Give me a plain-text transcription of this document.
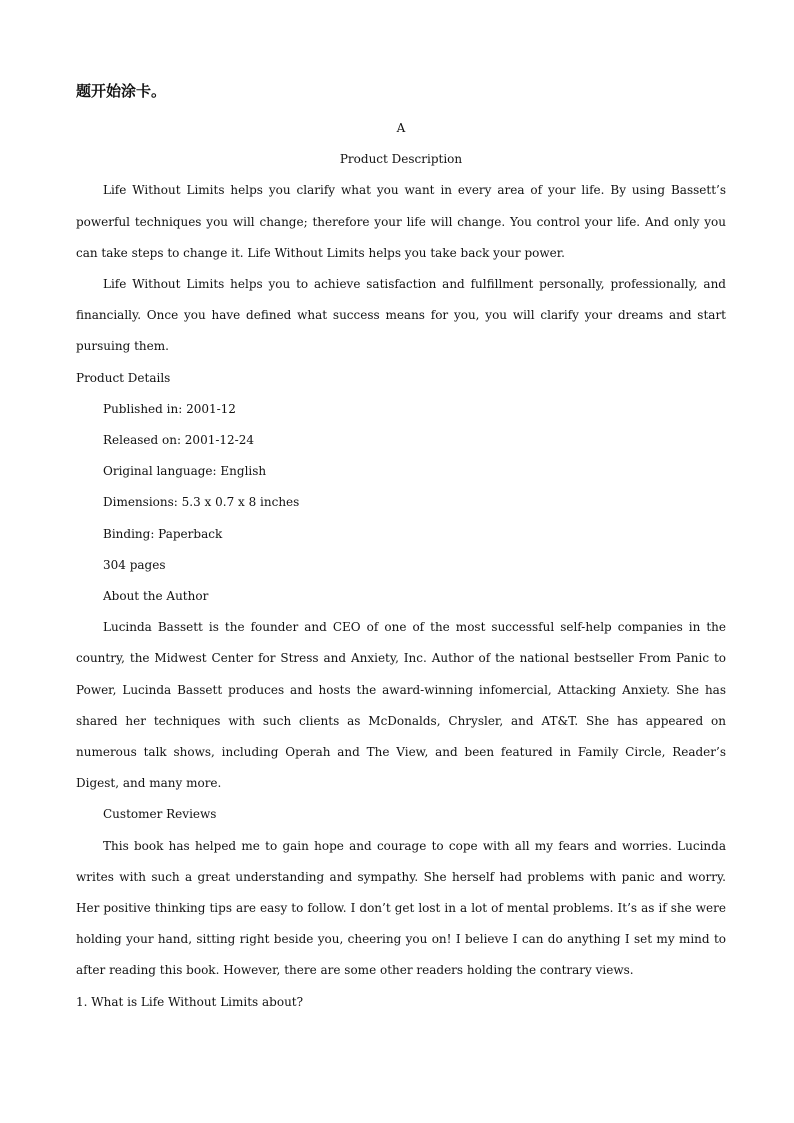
题开始涂卡。

A

Product Description

Life Without Limits helps you clarify what you want in every area of your life. By using Bassett’s powerful techniques you will change; therefore your life will change. You control your life. And only you can take steps to change it. Life Without Limits helps you take back your power.

Life Without Limits helps you to achieve satisfaction and fulfillment personally, professionally, and financially. Once you have defined what success means for you, you will clarify your dreams and start pursuing them.

Product Details

Published in: 2001-12

Released on: 2001-12-24

Original language: English

Dimensions: 5.3 x 0.7 x 8 inches

Binding: Paperback

304 pages

About the Author

Lucinda Bassett is the founder and CEO of one of the most successful self-help companies in the country, the Midwest Center for Stress and Anxiety, Inc. Author of the national bestseller From Panic to Power, Lucinda Bassett produces and hosts the award-winning infomercial, Attacking Anxiety. She has shared her techniques with such clients as McDonalds, Chrysler, and AT&T. She has appeared on numerous talk shows, including Operah and The View, and been featured in Family Circle, Reader’s Digest, and many more.

Customer Reviews

This book has helped me to gain hope and courage to cope with all my fears and worries. Lucinda writes with such a great understanding and sympathy. She herself had problems with panic and worry. Her positive thinking tips are easy to follow. I don’t get lost in a lot of mental problems. It’s as if she were holding your hand, sitting right beside you, cheering you on! I believe I can do anything I set my mind to after reading this book. However, there are some other readers holding the contrary views.

1. What is Life Without Limits about?
